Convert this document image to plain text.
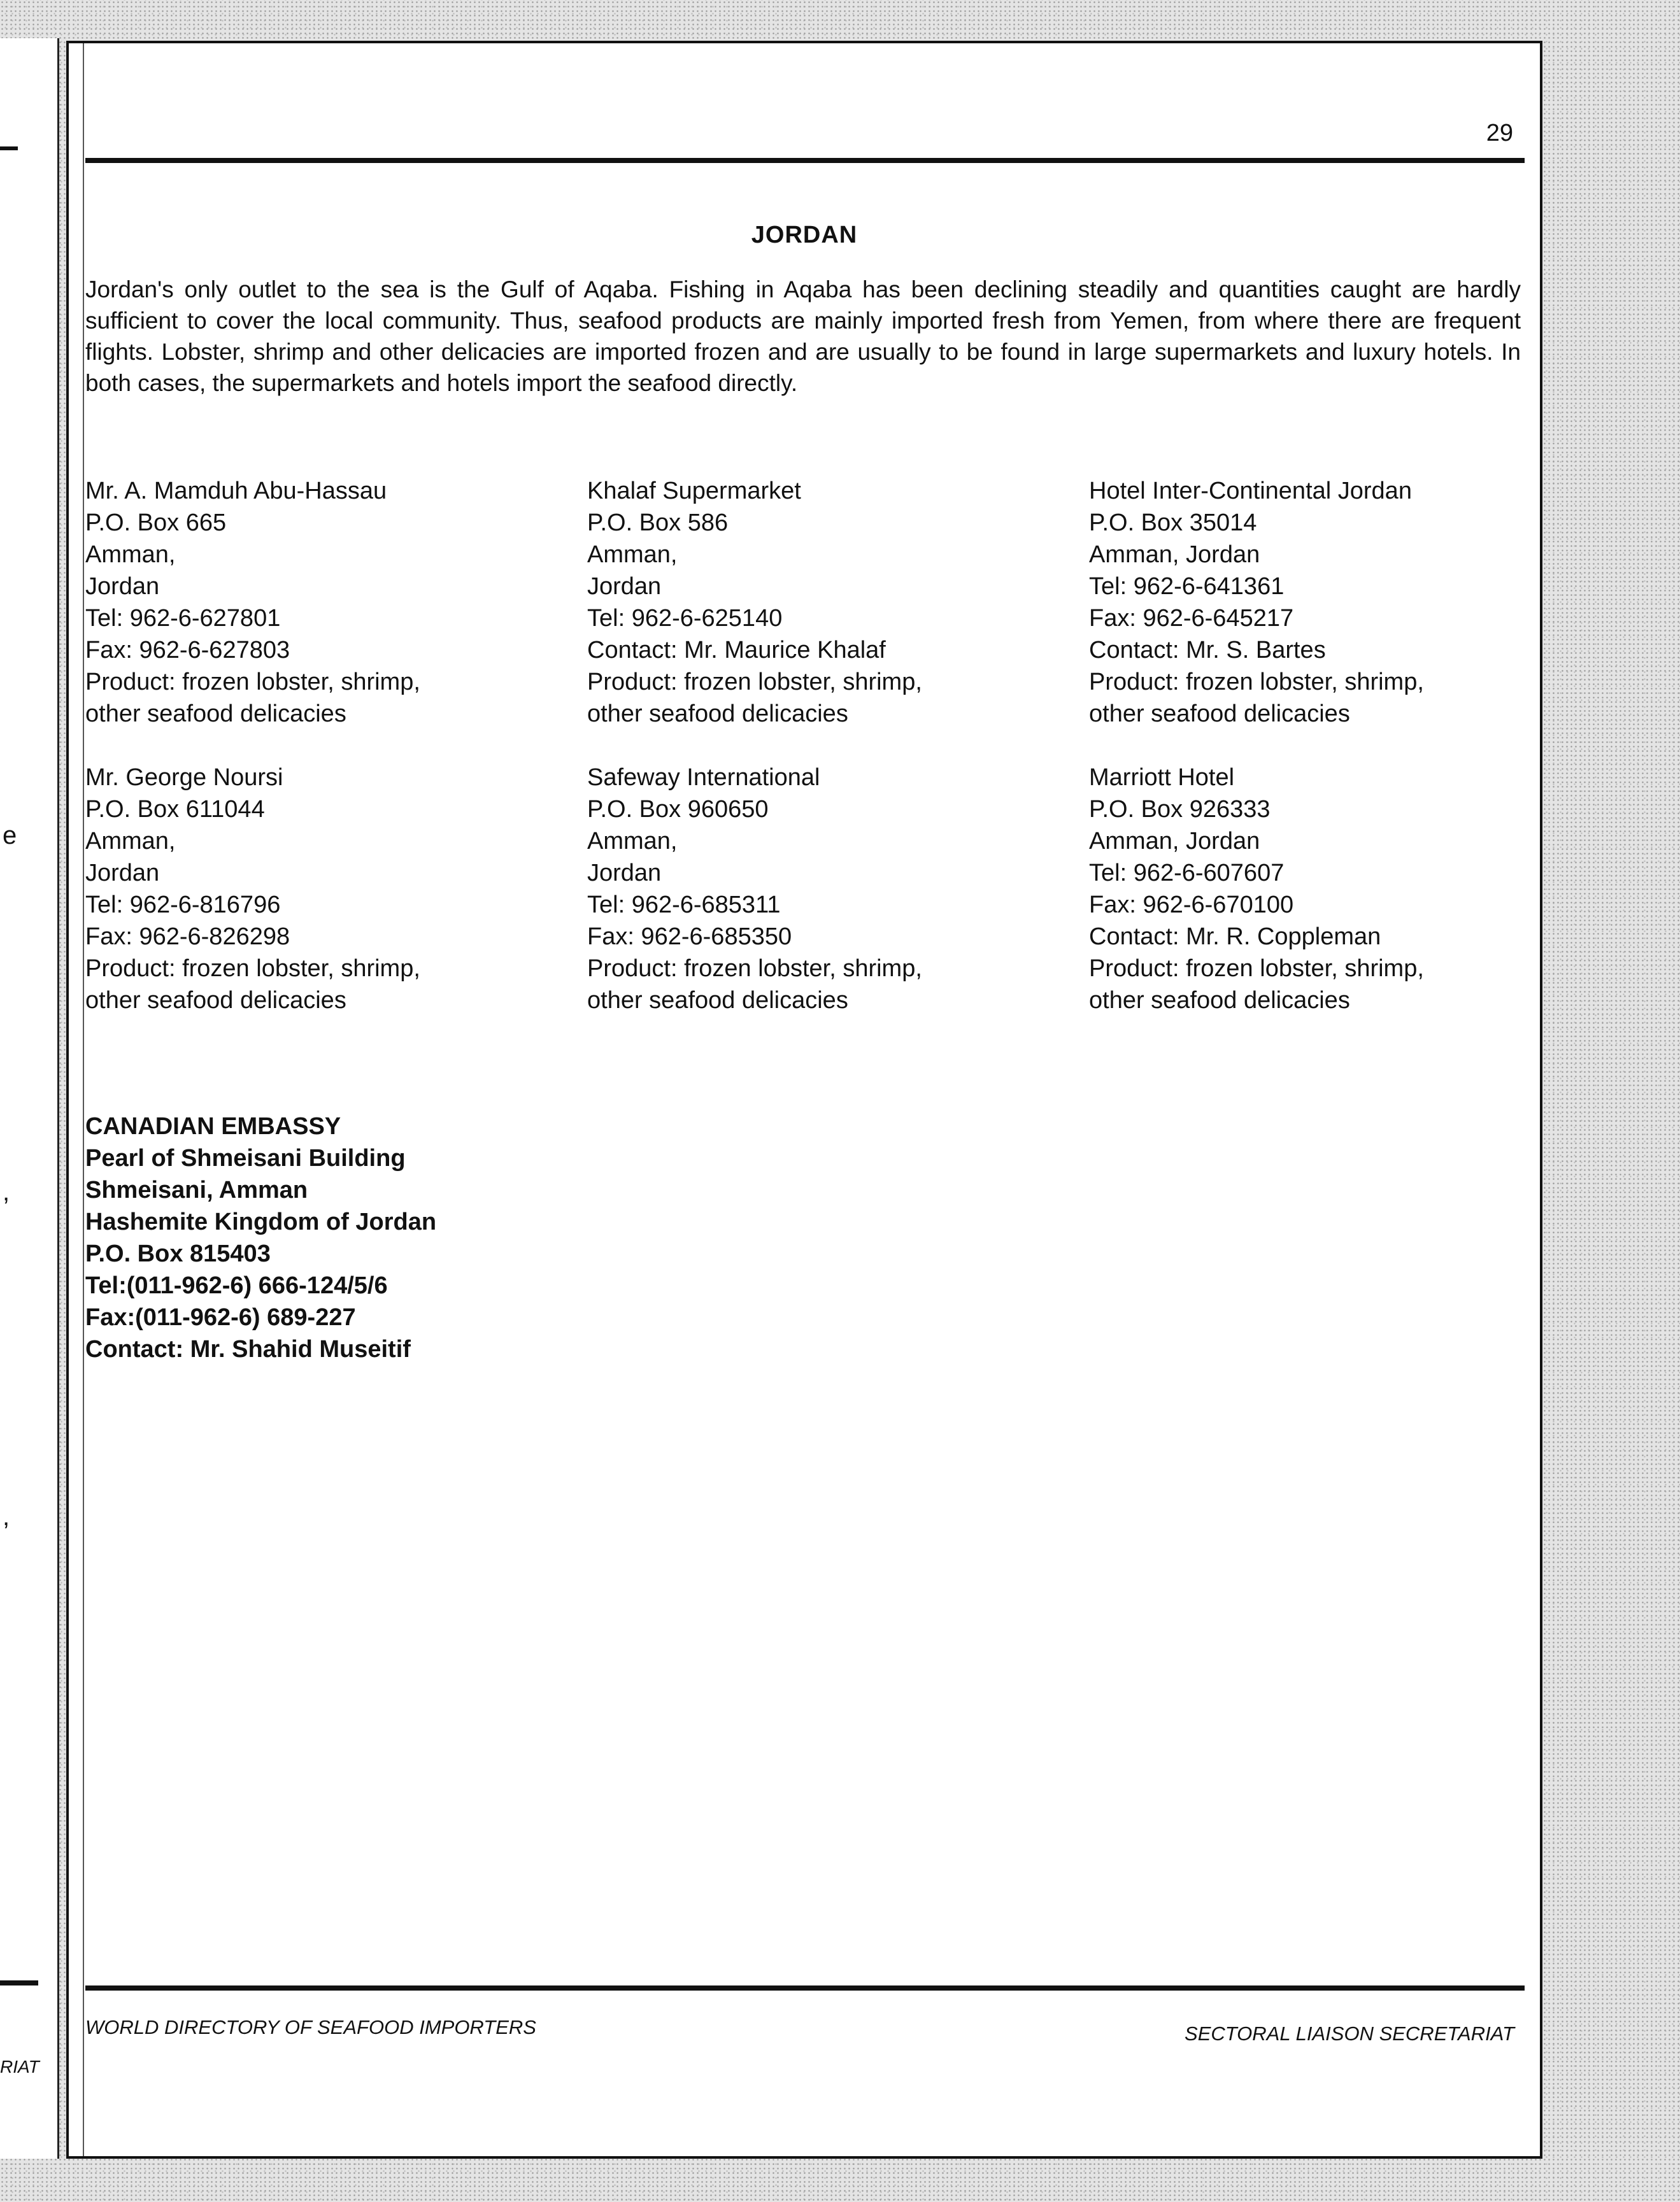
e
,
,
RIAT
29
JORDAN

Jordan's only outlet to the sea is the Gulf of Aqaba. Fishing in Aqaba has been declining steadily and quantities caught are hardly sufficient to cover the local community. Thus, seafood products are mainly imported fresh from Yemen, from where there are frequent flights. Lobster, shrimp and other delicacies are imported frozen and are usually to be found in large supermarkets and luxury hotels. In both cases, the supermarkets and hotels import the seafood directly.

Mr. A. Mamduh Abu-Hassau
P.O. Box 665
Amman,
Jordan
Tel: 962-6-627801
Fax: 962-6-627803
Product: frozen lobster, shrimp,
other seafood delicacies
Khalaf Supermarket
P.O. Box 586
Amman,
Jordan
Tel: 962-6-625140
Contact: Mr. Maurice Khalaf
Product: frozen lobster, shrimp,
other seafood delicacies
Hotel Inter-Continental Jordan
P.O. Box 35014
Amman, Jordan
Tel: 962-6-641361
Fax: 962-6-645217
Contact: Mr. S. Bartes
Product: frozen lobster, shrimp,
other seafood delicacies
Mr. George Noursi
P.O. Box 611044
Amman,
Jordan
Tel: 962-6-816796
Fax: 962-6-826298
Product: frozen lobster, shrimp,
other seafood delicacies
Safeway International
P.O. Box 960650
Amman,
Jordan
Tel: 962-6-685311
Fax: 962-6-685350
Product: frozen lobster, shrimp,
other seafood delicacies
Marriott Hotel
P.O. Box 926333
Amman, Jordan
Tel: 962-6-607607
Fax: 962-6-670100
Contact: Mr. R. Coppleman
Product: frozen lobster, shrimp,
other seafood delicacies
CANADIAN EMBASSY
Pearl of Shmeisani Building
Shmeisani, Amman
Hashemite Kingdom of Jordan
P.O. Box 815403
Tel:(011-962-6) 666-124/5/6
Fax:(011-962-6) 689-227
Contact: Mr. Shahid Museitif
WORLD DIRECTORY OF SEAFOOD IMPORTERS	SECTORAL LIAISON SECRETARIAT
